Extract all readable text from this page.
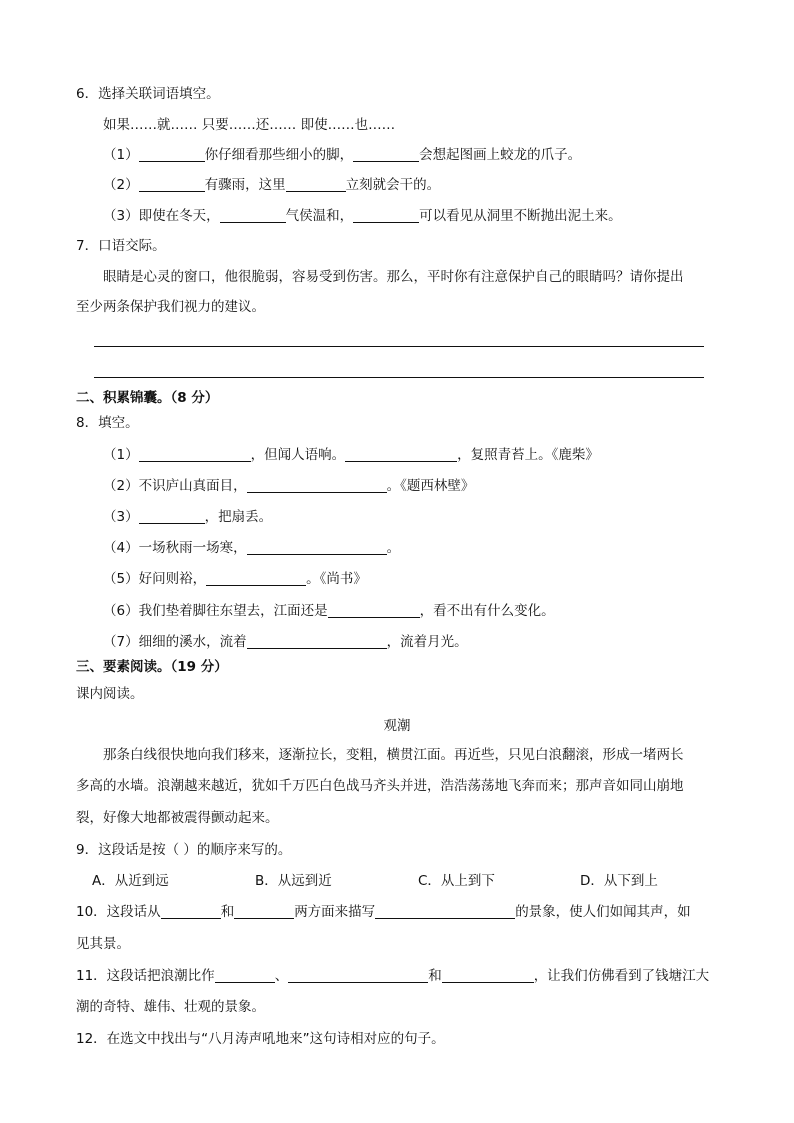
6．选择关联词语填空。
如果……就…… 只要……还…… 即使……也……
（1）	你仔细看那些细小的脚，	会想起图画上蛟龙的爪子。
（2）	有骤雨，这里	立刻就会干的。
（3）即使在冬天，	气侯温和，	可以看见从洞里不断抛出泥土来。
7．口语交际。
眼睛是心灵的窗口，他很脆弱，容易受到伤害。那么，平时你有注意保护自己的眼睛吗？请你提出
至少两条保护我们视力的建议。
二、积累锦囊。（8 分）
8．填空。
（1）	，但闻人语响。	，复照青苔上。《鹿柴》
（2）不识庐山真面目，	。《题西林壁》
（3）	，把扇丢。
（4）一场秋雨一场寒，	。
（5）好问则裕，	。《尚书》
（6）我们垫着脚往东望去，江面还是	，看不出有什么变化。
（7）细细的溪水，流着	，流着月光。
三、要素阅读。（19 分）
课内阅读。
观潮
那条白线很快地向我们移来，逐渐拉长，变粗，横贯江面。再近些，只见白浪翻滚，形成一堵两长
多高的水墙。浪潮越来越近，犹如千万匹白色战马齐头并进，浩浩荡荡地飞奔而来；那声音如同山崩地
裂，好像大地都被震得颤动起来。
9．这段话是按（ ）的顺序来写的。
A．从近到远	B．从远到近	C．从上到下	D．从下到上
10．这段话从	和	两方面来描写	的景象，使人们如闻其声，如
见其景。
11．这段话把浪潮比作	、	和	，让我们仿佛看到了钱塘江大
潮的奇特、雄伟、壮观的景象。
12．在选文中找出与“八月涛声吼地来”这句诗相对应的句子。
